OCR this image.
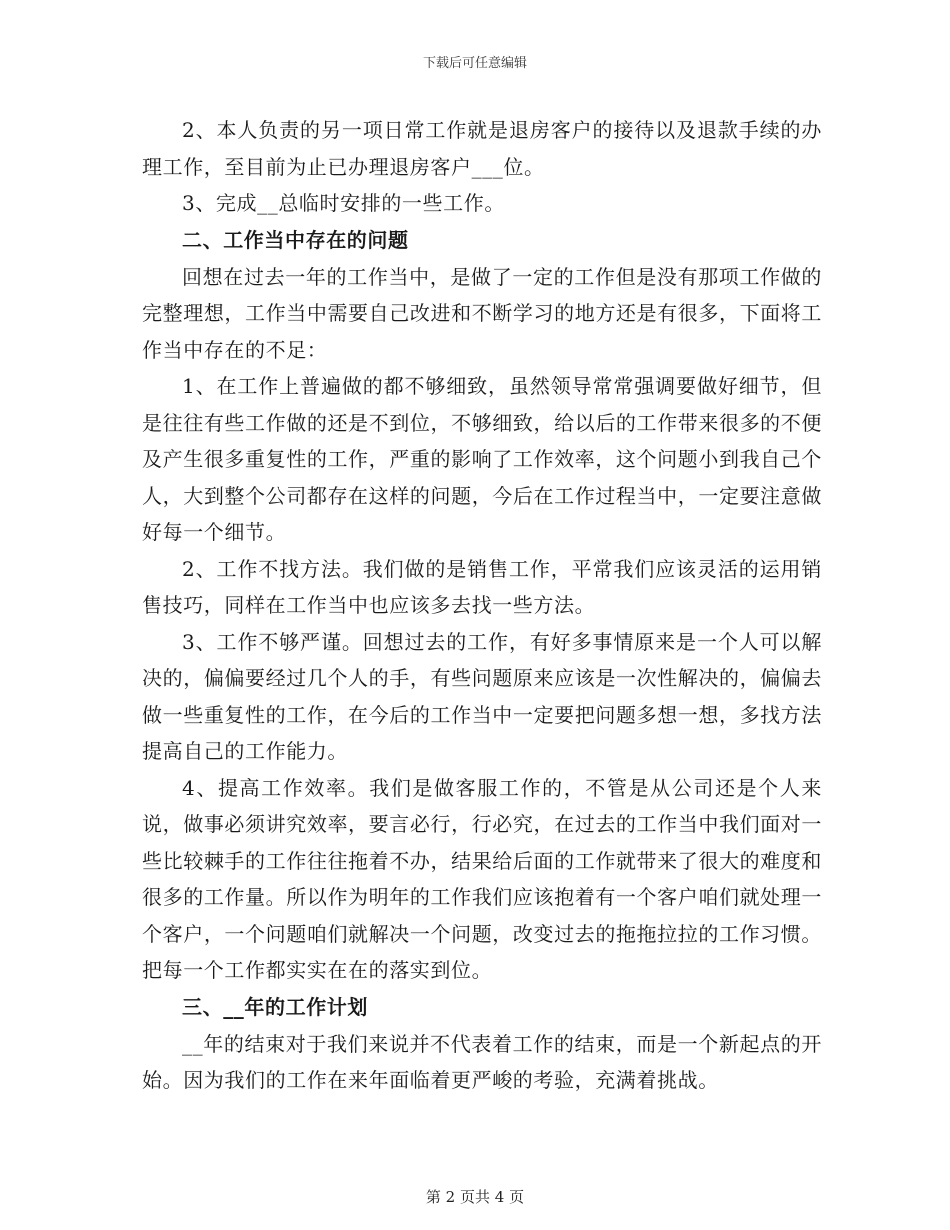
下载后可任意编辑

2、本人负责的另一项日常工作就是退房客户的接待以及退款手续的办理工作，至目前为止已办理退房客户___位。

3、完成__总临时安排的一些工作。

二、工作当中存在的问题

回想在过去一年的工作当中，是做了一定的工作但是没有那项工作做的完整理想，工作当中需要自己改进和不断学习的地方还是有很多，下面将工作当中存在的不足：

1、在工作上普遍做的都不够细致，虽然领导常常强调要做好细节，但是往往有些工作做的还是不到位，不够细致，给以后的工作带来很多的不便及产生很多重复性的工作，严重的影响了工作效率，这个问题小到我自己个人，大到整个公司都存在这样的问题，今后在工作过程当中，一定要注意做好每一个细节。

2、工作不找方法。我们做的是销售工作，平常我们应该灵活的运用销售技巧，同样在工作当中也应该多去找一些方法。

3、工作不够严谨。回想过去的工作，有好多事情原来是一个人可以解决的，偏偏要经过几个人的手，有些问题原来应该是一次性解决的，偏偏去做一些重复性的工作，在今后的工作当中一定要把问题多想一想，多找方法提高自己的工作能力。

4、提高工作效率。我们是做客服工作的，不管是从公司还是个人来说，做事必须讲究效率，要言必行，行必究，在过去的工作当中我们面对一些比较棘手的工作往往拖着不办，结果给后面的工作就带来了很大的难度和很多的工作量。所以作为明年的工作我们应该抱着有一个客户咱们就处理一个客户，一个问题咱们就解决一个问题，改变过去的拖拖拉拉的工作习惯。把每一个工作都实实在在的落实到位。

三、__年的工作计划

__年的结束对于我们来说并不代表着工作的结束，而是一个新起点的开始。因为我们的工作在来年面临着更严峻的考验，充满着挑战。

第 2 页共 4 页
